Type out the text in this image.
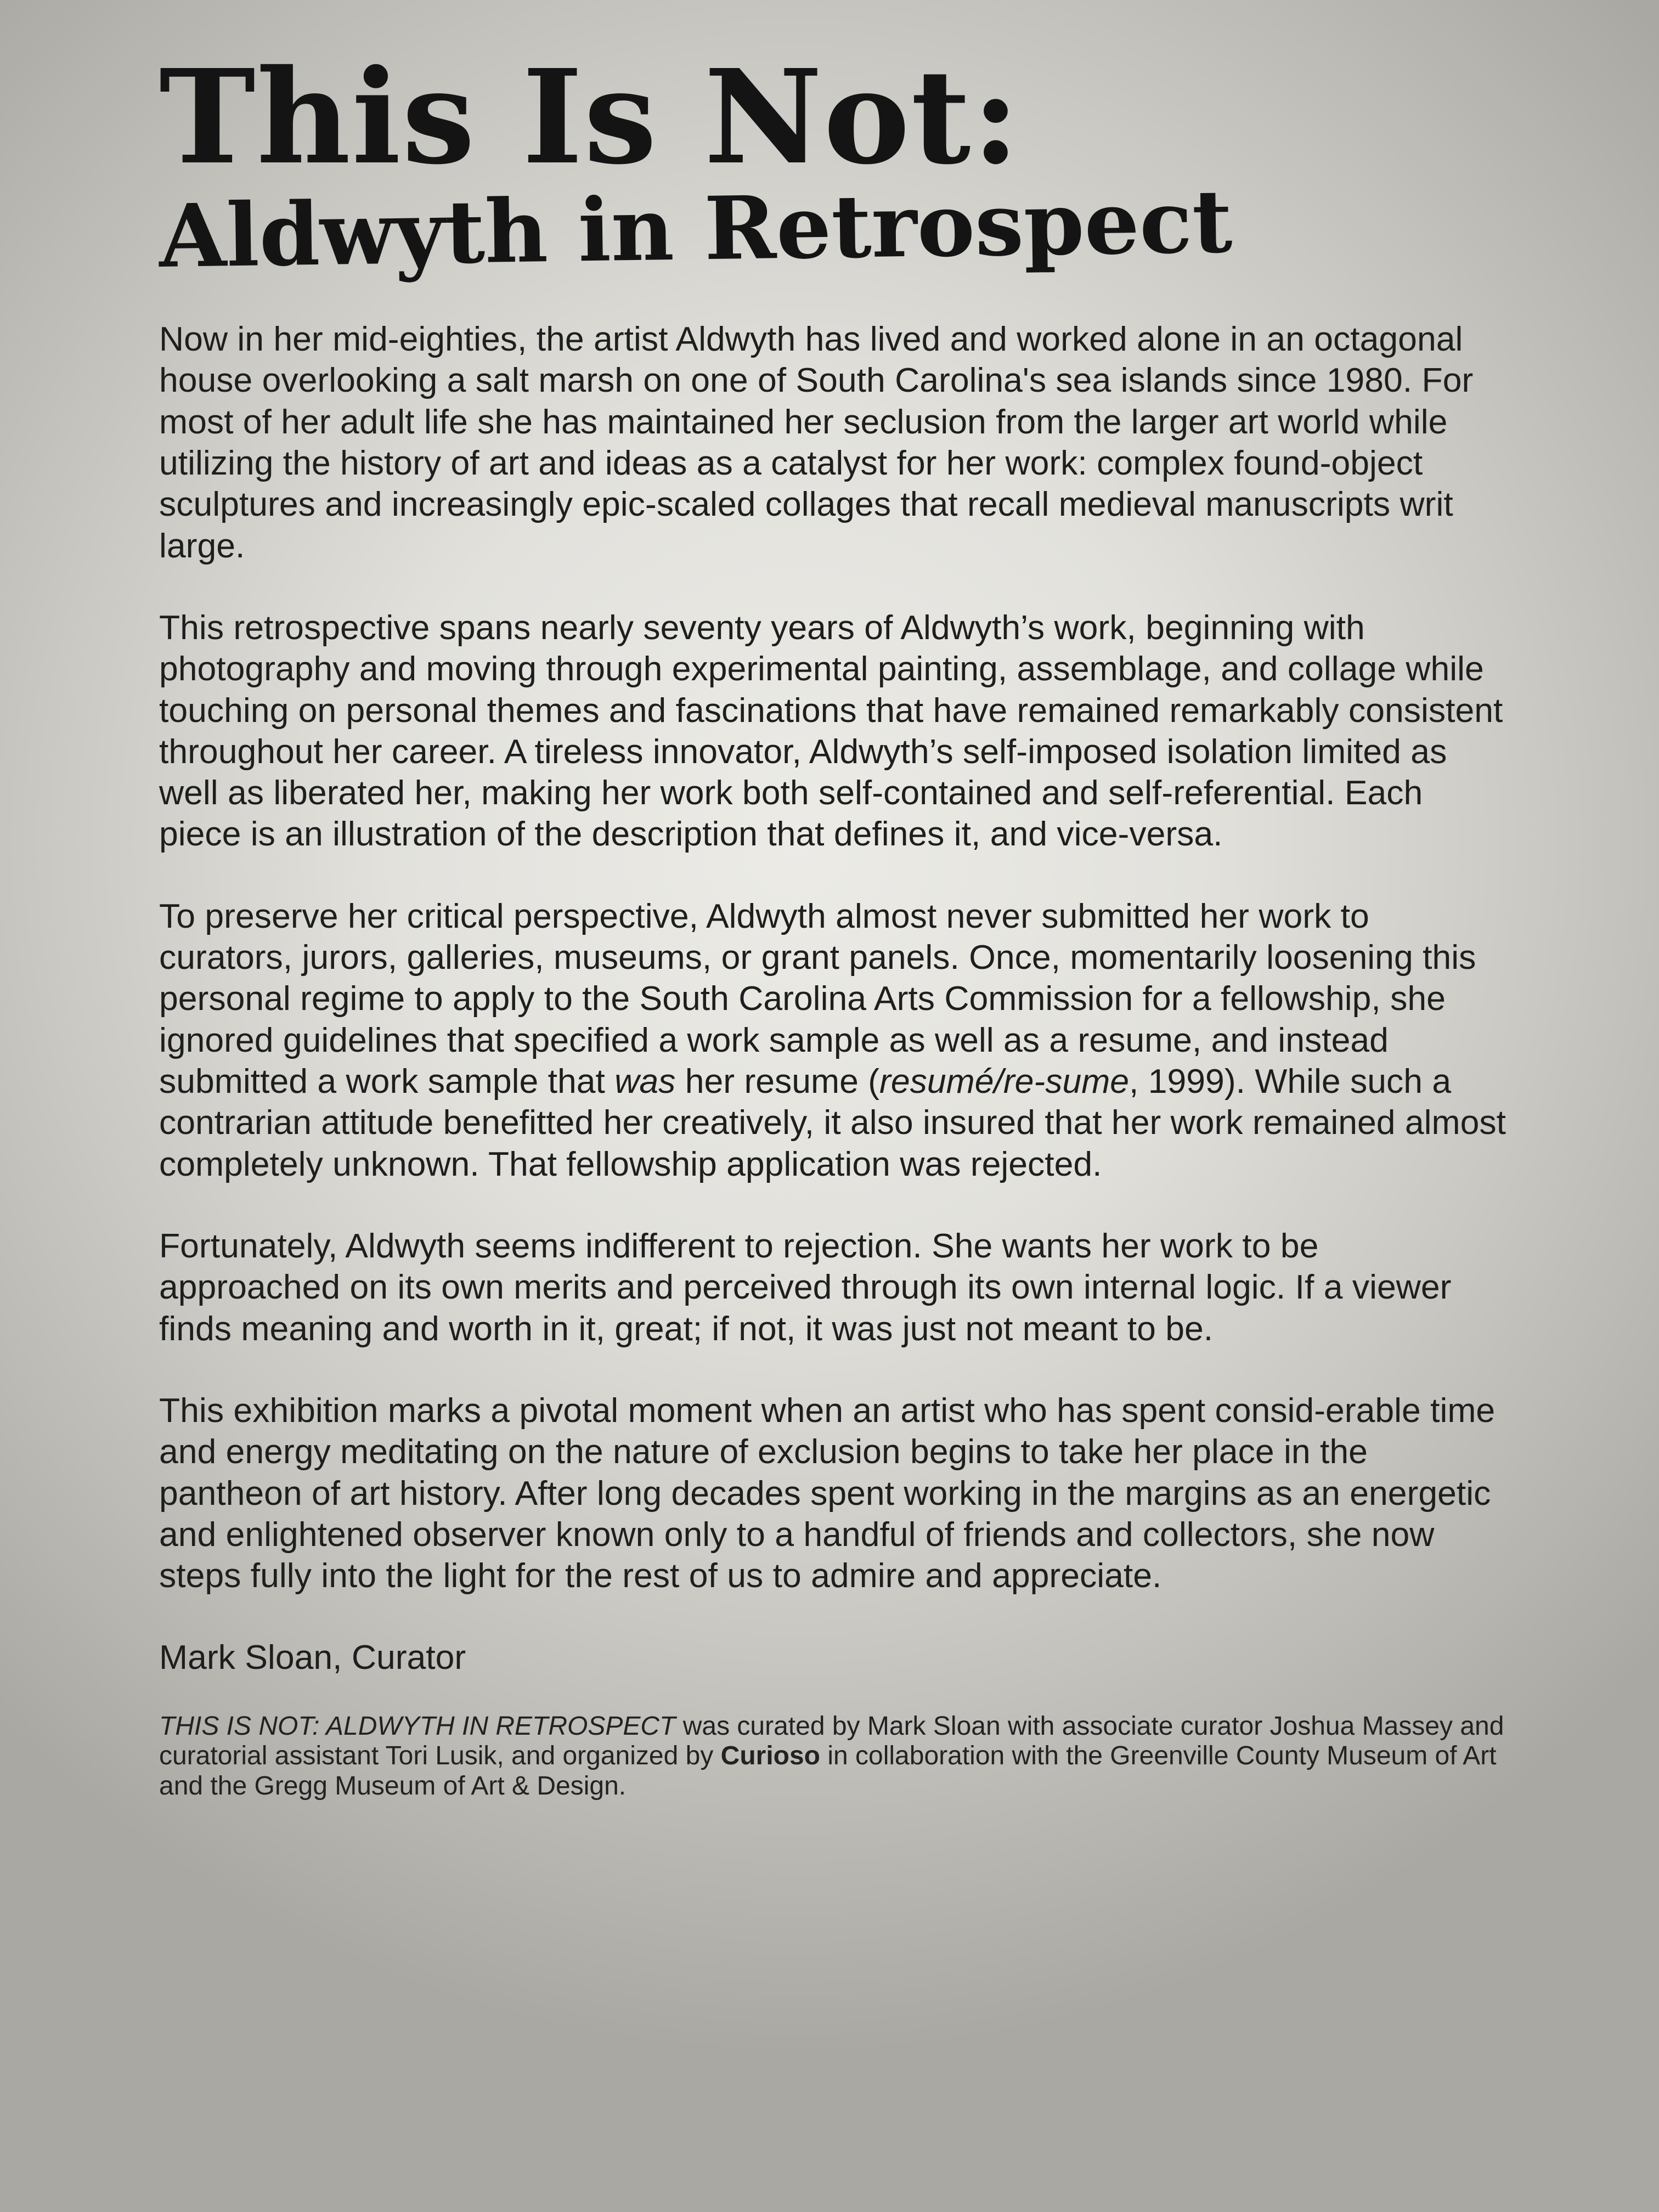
This Is Not:
Aldwyth in Retrospect

Now in her mid-eighties, the artist Aldwyth has lived and worked alone in an octagonal house overlooking a salt marsh on one of South Carolina's sea islands since 1980. For most of her adult life she has maintained her seclusion from the larger art world while utilizing the history of art and ideas as a catalyst for her work: complex found-object sculptures and increasingly epic-scaled collages that recall medieval manuscripts writ large.

This retrospective spans nearly seventy years of Aldwyth’s work, beginning with photography and moving through experimental painting, assemblage, and collage while touching on personal themes and fascinations that have remained remarkably consistent throughout her career. A tireless innovator, Aldwyth’s self-imposed isolation limited as well as liberated her, making her work both self-contained and self-referential. Each piece is an illustration of the description that defines it, and vice-versa.

To preserve her critical perspective, Aldwyth almost never submitted her work to curators, jurors, galleries, museums, or grant panels. Once, momentarily loosening this personal regime to apply to the South Carolina Arts Commission for a fellowship, she ignored guidelines that specified a work sample as well as a resume, and instead submitted a work sample that was her resume (resumé/re-sume, 1999). While such a contrarian attitude benefitted her creatively, it also insured that her work remained almost completely unknown. That fellowship application was rejected.

Fortunately, Aldwyth seems indifferent to rejection. She wants her work to be approached on its own merits and perceived through its own internal logic. If a viewer finds meaning and worth in it, great; if not, it was just not meant to be.

This exhibition marks a pivotal moment when an artist who has spent consid-erable time and energy meditating on the nature of exclusion begins to take her place in the pantheon of art history. After long decades spent working in the margins as an energetic and enlightened observer known only to a handful of friends and collectors, she now steps fully into the light for the rest of us to admire and appreciate.

Mark Sloan, Curator

THIS IS NOT: ALDWYTH IN RETROSPECT was curated by Mark Sloan with associate curator Joshua Massey and curatorial assistant Tori Lusik, and organized by Curioso in collaboration with the Greenville County Museum of Art and the Gregg Museum of Art & Design.
